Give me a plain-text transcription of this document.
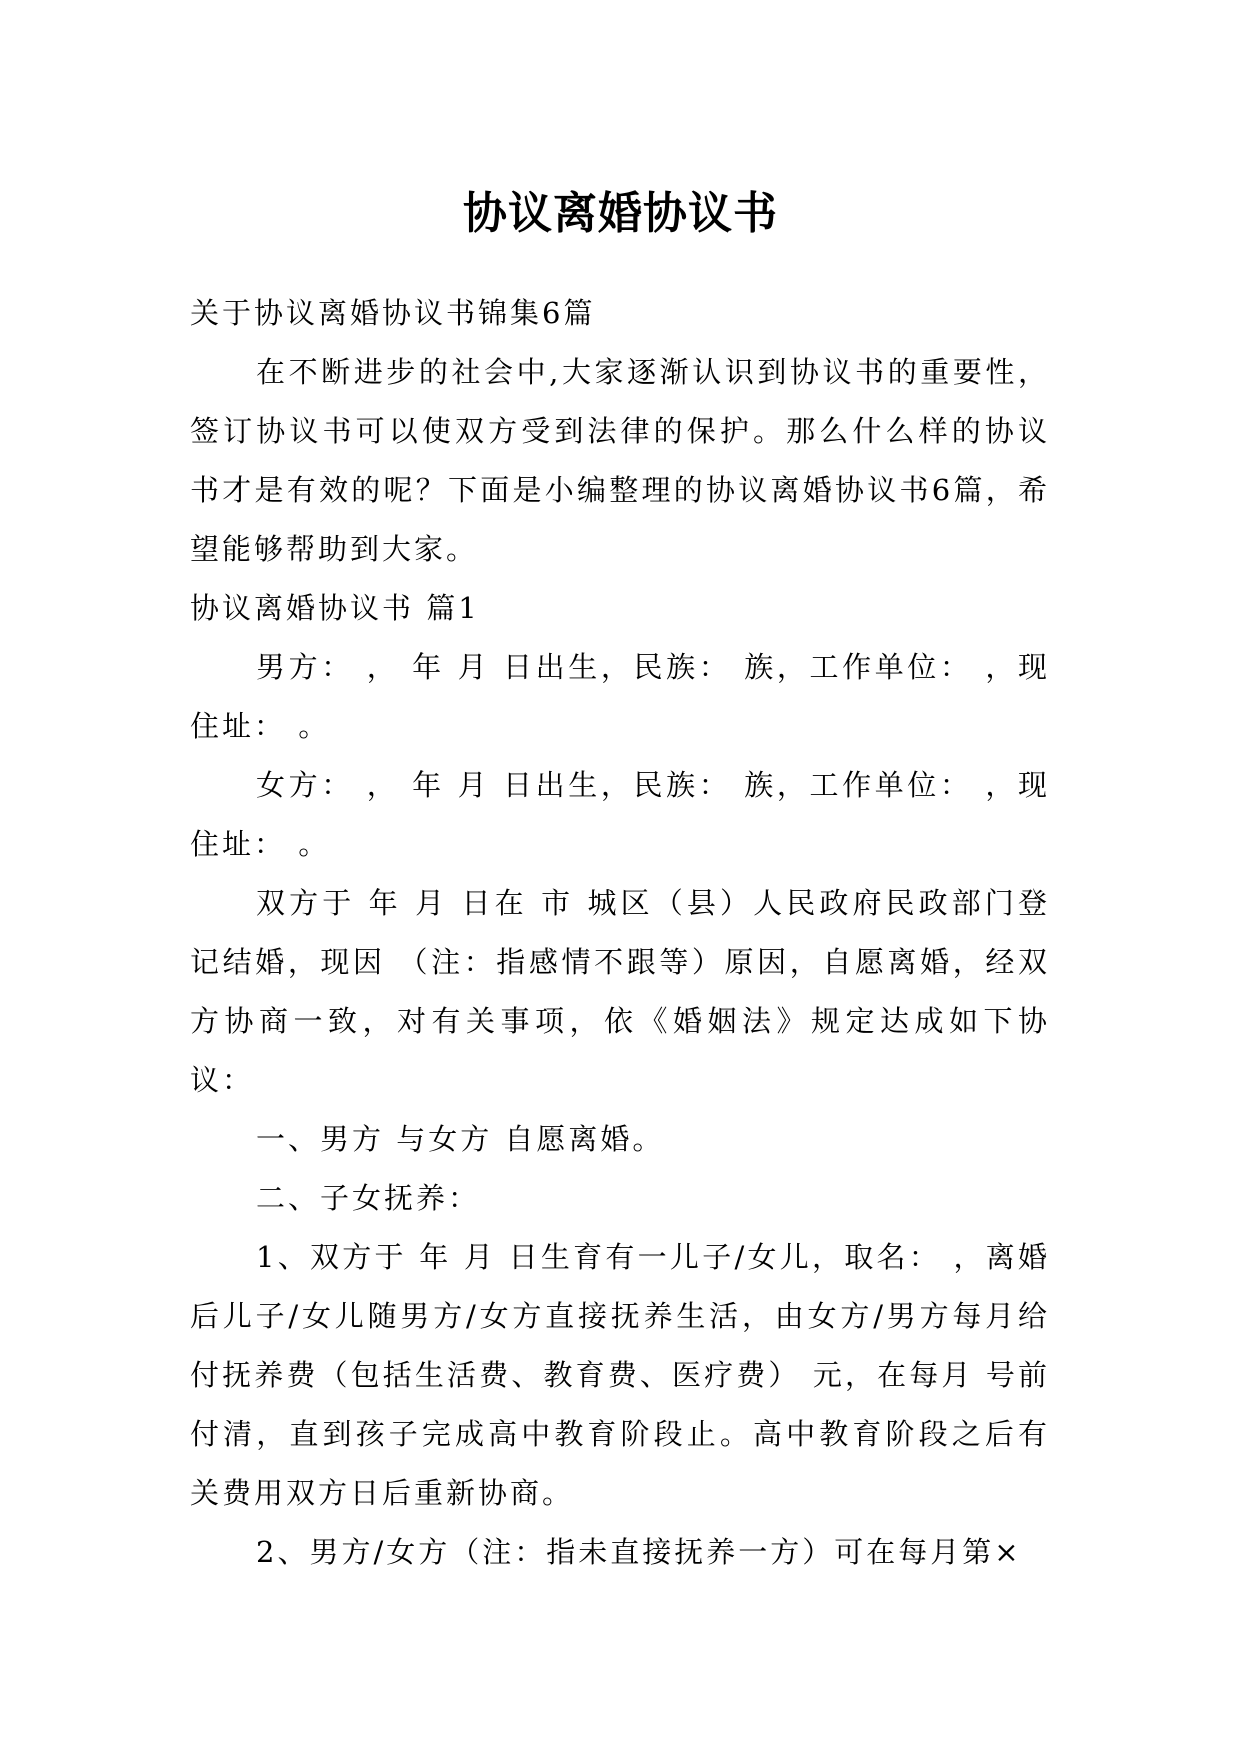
协议离婚协议书

关于协议离婚协议书锦集6篇

在不断进步的社会中,大家逐渐认识到协议书的重要性，签订协议书可以使双方受到法律的保护。那么什么样的协议书才是有效的呢？下面是小编整理的协议离婚协议书6篇，希望能够帮助到大家。

协议离婚协议书 篇1

男方： ， 年 月 日出生，民族： 族，工作单位： ，现住址： 。

女方： ， 年 月 日出生，民族： 族，工作单位： ，现住址： 。

双方于 年 月 日在 市 城区（县）人民政府民政部门登记结婚，现因 （注：指感情不跟等）原因，自愿离婚，经双方协商一致，对有关事项，依《婚姻法》规定达成如下协议：

一、男方 与女方 自愿离婚。

二、子女抚养：

1、双方于 年 月 日生育有一儿子/女儿，取名： ，离婚后儿子/女儿随男方/女方直接抚养生活，由女方/男方每月给付抚养费（包括生活费、教育费、医疗费） 元，在每月 号前付清，直到孩子完成高中教育阶段止。高中教育阶段之后有关费用双方日后重新协商。

2、男方/女方（注：指未直接抚养一方）可在每月第×
